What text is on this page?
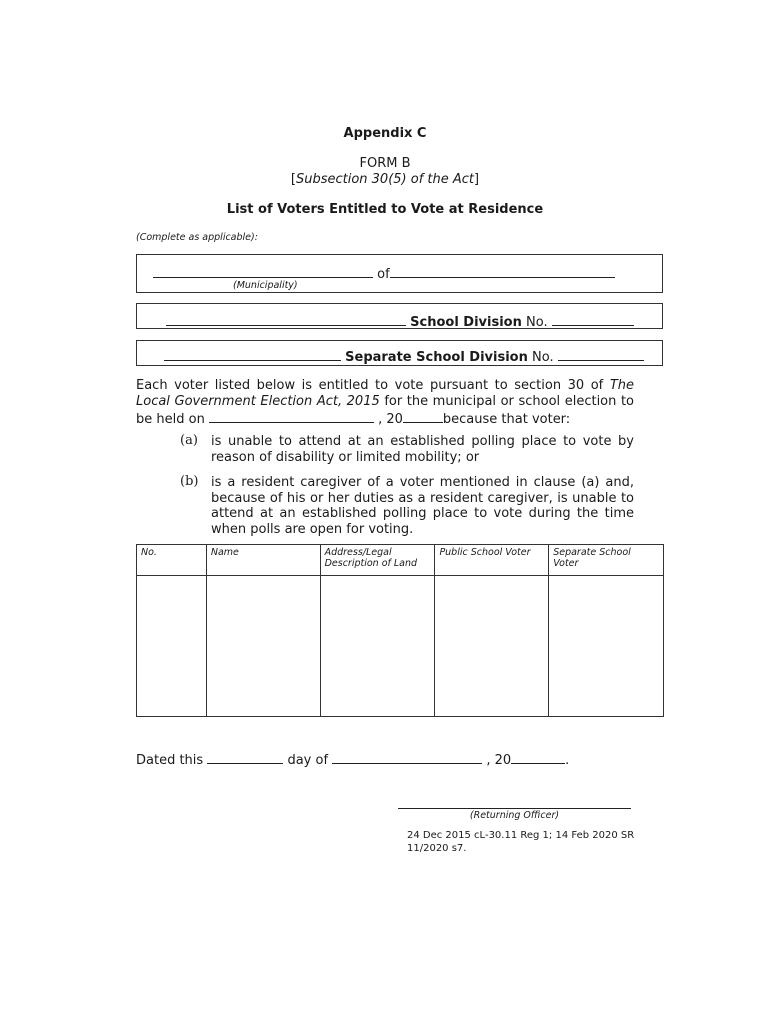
Appendix C
FORM B
[Subsection 30(5) of the Act]
List of Voters Entitled to Vote at Residence
(Complete as applicable):
of
(Municipality)
School Division No.
Separate School Division No.
Each voter listed below is entitled to vote pursuant to section 30 of The Local Government Election Act, 2015 for the municipal or school election to be held on	, 20	because that voter:
(a) is unable to attend at an established polling place to vote by reason of disability or limited mobility; or
(b) is a resident caregiver of a voter mentioned in clause (a) and, because of his or her duties as a resident caregiver, is unable to attend at an established polling place to vote during the time when polls are open for voting.
No.	Name	Address/Legal Description of Land	Public School Voter	Separate School Voter

Dated this	day of	, 20	.
(Returning Officer)
24 Dec 2015 cL-30.11 Reg 1; 14 Feb 2020 SR 11/2020 s7.
